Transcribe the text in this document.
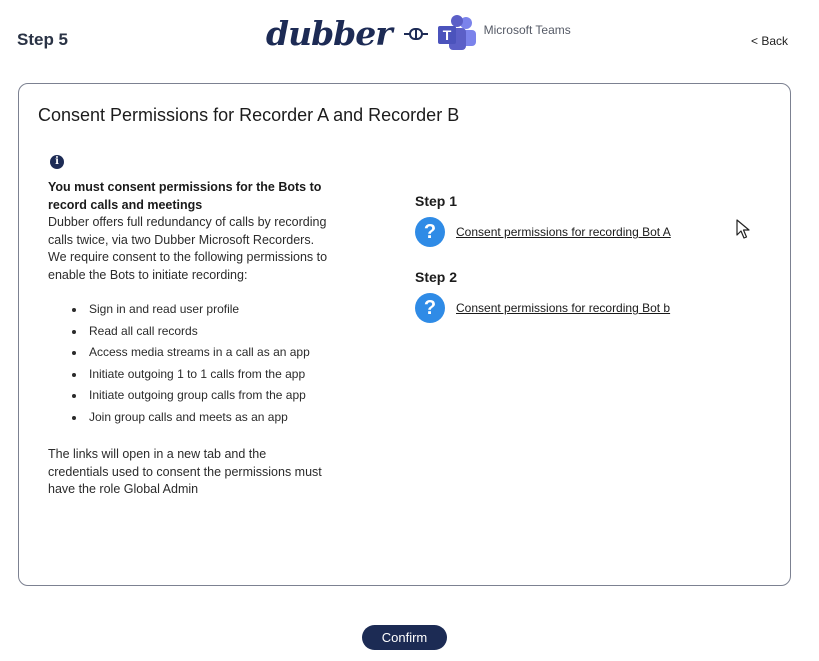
Step 5	dubber	T	Microsoft Teams
< Back
Consent Permissions for Recorder A and Recorder B
i
You must consent permissions for the Bots to record calls and meetings
Dubber offers full redundancy of calls by recording calls twice, via two Dubber Microsoft Recorders.
We require consent to the following permissions to enable the Bots to initiate recording:
Sign in and read user profile
Read all call records
Access media streams in a call as an app
Initiate outgoing 1 to 1 calls from the app
Initiate outgoing group calls from the app
Join group calls and meets as an app
The links will open in a new tab and the credentials used to consent the permissions must have the role Global Admin
Step 1
?	Consent permissions for recording Bot A
Step 2
?	Consent permissions for recording Bot b
Confirm
